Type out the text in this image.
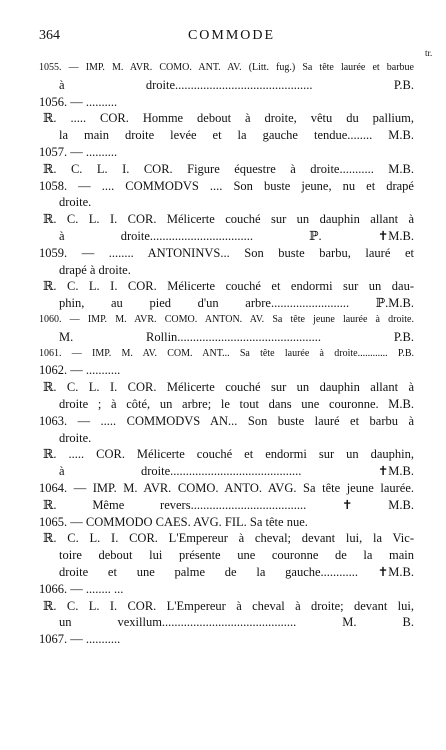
364	COMMODE
tr.
1055. — IMP. M. AVR. COMO. ANT. AV. (Litt. fug.) Sa tête laurée et barbue
à droite............................................ P.B.
1056. — ..........
ℝ. ..... COR. Homme debout à droite, vêtu du pallium,
la main droite levée et la gauche tendue........ M.B.
1057. — ..........
ℝ. C. L. I. COR. Figure équestre à droite........... M.B.
1058. — .... COMMODVS .... Son buste jeune, nu et drapé
droite.
ℝ. C. L. I. COR. Mélicerte couché sur un dauphin allant à
à droite................................. ℙ. ✝M.B.
1059. — ........ ANTONINVS... Son buste barbu, lauré et
drapé à droite.
ℝ. C. L. I. COR. Mélicerte couché et endormi sur un dau-
phin, au pied d'un arbre......................... ℙ.M.B.
1060. — IMP. M. AVR. COMO. ANTON. AV. Sa tête jeune laurée à droite.
M. Rollin.............................................. P.B.
1061. — IMP. M. AV. COM. ANT... Sa tête laurée à droite............ P.B.
1062. — ...........
ℝ. C. L. I. COR. Mélicerte couché sur un dauphin allant à
droite ; à côté, un arbre; le tout dans une couronne. M.B.
1063. — ..... COMMODVS AN... Son buste lauré et barbu à
droite.
ℝ. ..... COR. Mélicerte couché et endormi sur un dauphin,
à droite.......................................... ✝M.B.
1064. — IMP. M. AVR. COMO. ANTO. AVG. Sa tête jeune laurée.
ℝ. Même revers..................................... ✝ M.B.
1065. — COMMODO CAES. AVG. FIL. Sa tête nue.
ℝ. C. L. I. COR. L'Empereur à cheval; devant lui, la Vic-
toire debout lui présente une couronne de la main
droite et une palme de la gauche............ ✝M.B.
1066. — ........ ...
ℝ. C. L. I. COR. L'Empereur à cheval à droite; devant lui,
un vexillum........................................... M. B.
1067. — ...........
